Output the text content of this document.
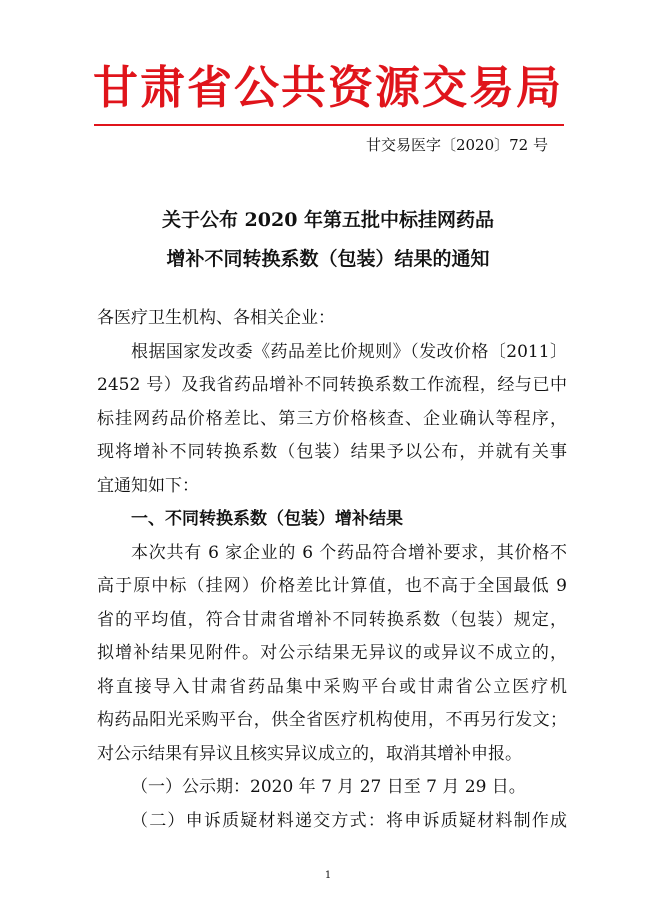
甘肃省公共资源交易局
甘交易医字〔2020〕72 号
关于公布 2020 年第五批中标挂网药品
增补不同转换系数（包装）结果的通知

各医疗卫生机构、各相关企业：

根据国家发改委《药品差比价规则》（发改价格〔2011〕

2452 号）及我省药品增补不同转换系数工作流程，经与已中

标挂网药品价格差比、第三方价格核查、企业确认等程序，

现将增补不同转换系数（包装）结果予以公布，并就有关事

宜通知如下：

一、不同转换系数（包装）增补结果

本次共有 6 家企业的 6 个药品符合增补要求，其价格不

高于原中标（挂网）价格差比计算值，也不高于全国最低 9

省的平均值，符合甘肃省增补不同转换系数（包装）规定，

拟增补结果见附件。对公示结果无异议的或异议不成立的，

将直接导入甘肃省药品集中采购平台或甘肃省公立医疗机

构药品阳光采购平台，供全省医疗机构使用，不再另行发文；

对公示结果有异议且核实异议成立的，取消其增补申报。

（一）公示期：2020 年 7 月 27 日至 7 月 29 日。

（二）申诉质疑材料递交方式：将申诉质疑材料制作成

1
